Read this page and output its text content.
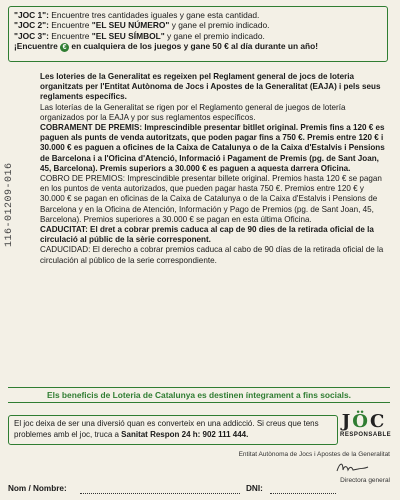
"JOC 1": Encuentre tres cantidades iguales y gane esta cantidad.
"JOC 2": Encuentre "EL SEU NÚMERO" y gane el premio indicado.
"JOC 3": Encuentre "EL SEU SÍMBOL" y gane el premio indicado.
¡Encuentre € en cualquiera de los juegos y gane 50 € al día durante un año!
116-01209-016

Les loteries de la Generalitat es regeixen pel Reglament general de jocs de loteria organitzats per l'Entitat Autònoma de Jocs i Apostes de la Generalitat (EAJA) i pels seus reglaments específics.

Las loterías de la Generalitat se rigen por el Reglamento general de juegos de lotería organizados por la EAJA y por sus reglamentos específicos.

COBRAMENT DE PREMIS: Imprescindible presentar bitllet original. Premis fins a 120 € es paguen als punts de venda autoritzats, que poden pagar fins a 750 €. Premis entre 120 € i 30.000 € es paguen a oficines de la Caixa de Catalunya o de la Caixa d'Estalvis i Pensions de Barcelona i a l'Oficina d'Atenció, Informació i Pagament de Premis (pg. de Sant Joan, 45, Barcelona). Premis superiors a 30.000 € es paguen a aquesta darrera Oficina.

COBRO DE PREMIOS: Imprescindible presentar billete original. Premios hasta 120 € se pagan en los puntos de venta autorizados, que pueden pagar hasta 750 €. Premios entre 120 € y 30.000 € se pagan en oficinas de la Caixa de Catalunya o de la Caixa d'Estalvis i Pensions de Barcelona y en la Oficina de Atención, Información y Pago de Premios (pg. de Sant Joan, 45, Barcelona). Premios superiores a 30.000 € se pagan en esta última Oficina.

CADUCITAT: El dret a cobrar premis caduca al cap de 90 dies de la retirada oficial de la circulació al públic de la sèrie corresponent.

CADUCIDAD: El derecho a cobrar premios caduca al cabo de 90 días de la retirada oficial de la circulación al público de la serie correspondiente.

Els beneficis de Loteria de Catalunya es destinen íntegrament a fins socials.
El joc deixa de ser una diversió quan es converteix en una addicció. Si creus que tens problemes amb el joc, truca a Sanitat Respon 24 h: 902 111 444.
JÖC
RESPONSABLE
Entitat Autònoma de Jocs i Apostes de la Generalitat
Directora general
Nom / Nombre:	DNI:
